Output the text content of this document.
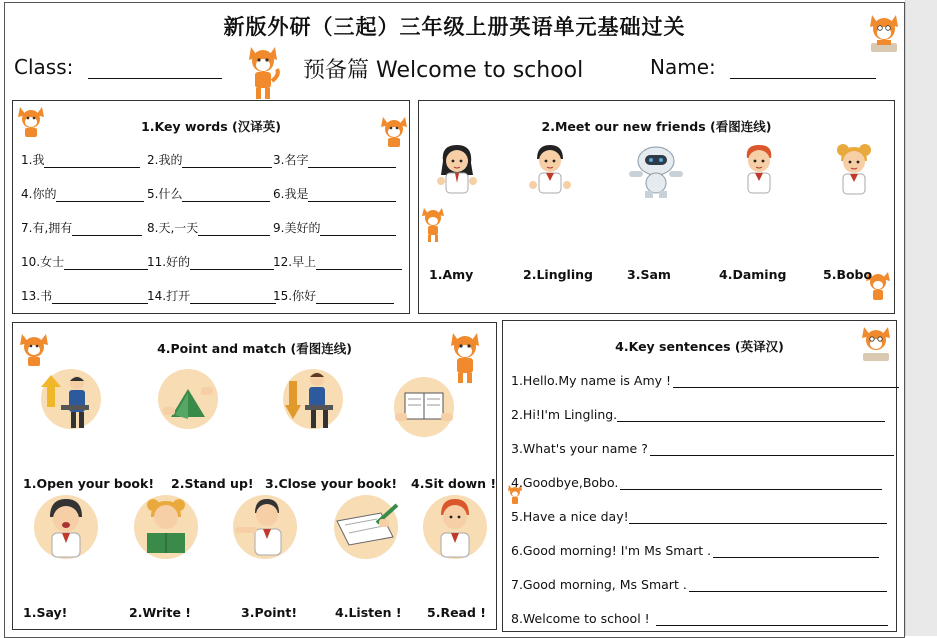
新版外研（三起）三年级上册英语单元基础过关
Class:	预备篇 Welcome to school	Name:
1.Key words (汉译英)
1.我	2.我的	3.名字
4.你的	5.什么	6.我是
7.有,拥有	8.天,一天	9.美好的
10.女士	11.好的	12.早上
13.书	14.打开	15.你好
2.Meet our new friends (看图连线)
1.Amy	2.Lingling	3.Sam	4.Daming	5.Bobo
4.Point and match (看图连线)
1.Open your book! 2.Stand up! 3.Close your book! 4.Sit down !
1.Say!	2.Write !	3.Point!	4.Listen ! 5.Read !
4.Key sentences (英译汉)
1.Hello.My name is Amy !
2.Hi!I'm Lingling.
3.What's your name ?
4.Goodbye,Bobo.
5.Have a nice day!
6.Good morning! I'm Ms Smart .
7.Good morning, Ms Smart .
8.Welcome to school !
